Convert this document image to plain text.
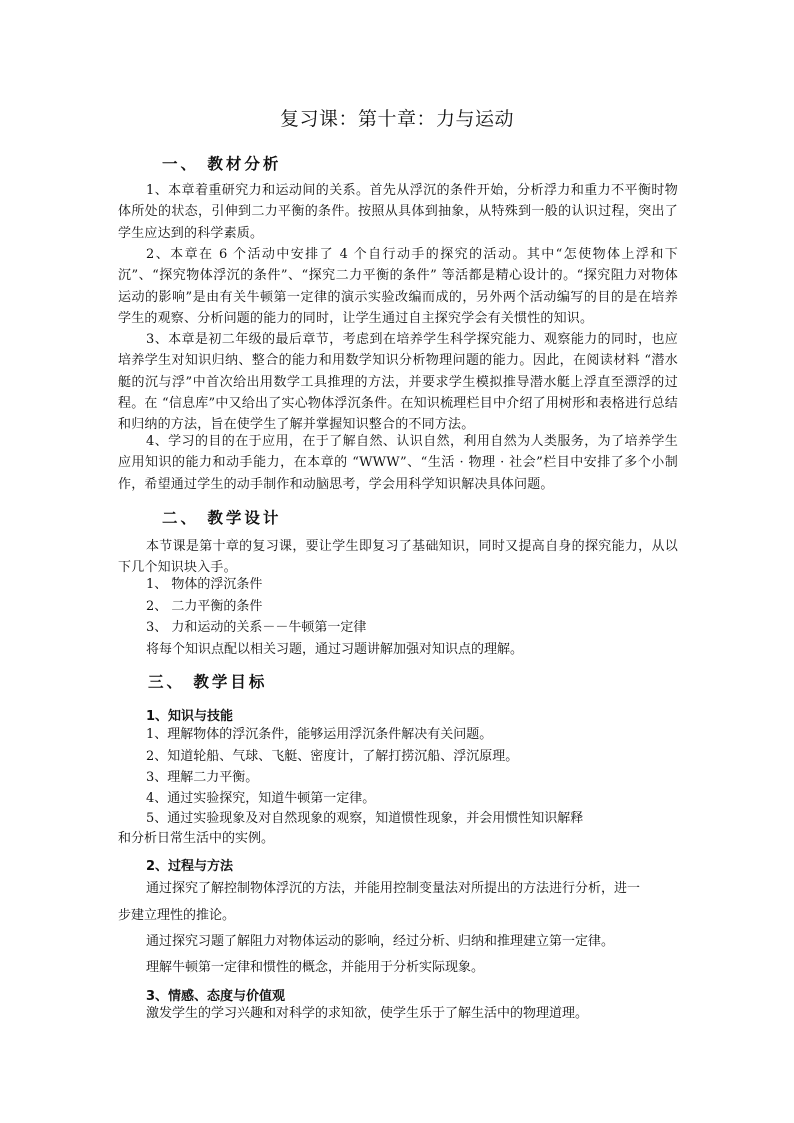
复习课：第十章：力与运动
一、 教材分析
1、本章着重研究力和运动间的关系。首先从浮沉的条件开始，分析浮力和重力不平衡时物体所处的状态，引伸到二力平衡的条件。按照从具体到抽象，从特殊到一般的认识过程，突出了学生应达到的科学素质。
2、本章在 6 个活动中安排了 4 个自行动手的探究的活动。其中“怎使物体上浮和下沉”、“探究物体浮沉的条件”、“探究二力平衡的条件” 等活都是精心设计的。“探究阻力对物体运动的影响”是由有关牛顿第一定律的演示实验改编而成的，另外两个活动编写的目的是在培养学生的观察、分析问题的能力的同时，让学生通过自主探究学会有关惯性的知识。
3、本章是初二年级的最后章节，考虑到在培养学生科学探究能力、观察能力的同时，也应培养学生对知识归纳、整合的能力和用数学知识分析物理问题的能力。因此，在阅读材料 “潜水艇的沉与浮”中首次给出用数学工具推理的方法，并要求学生模拟推导潜水艇上浮直至漂浮的过程。在 “信息库”中又给出了实心物体浮沉条件。在知识梳理栏目中介绍了用树形和表格进行总结和归纳的方法，旨在使学生了解并掌握知识整合的不同方法。
4、学习的目的在于应用，在于了解自然、认识自然，利用自然为人类服务，为了培养学生应用知识的能力和动手能力，在本章的 “WWW”、“生活 · 物理 · 社会”栏目中安排了多个小制作，希望通过学生的动手制作和动脑思考，学会用科学知识解决具体问题。
二、 教学设计
本节课是第十章的复习课，要让学生即复习了基础知识，同时又提高自身的探究能力，从以下几个知识块入手。
1、 物体的浮沉条件
2、 二力平衡的条件
3、 力和运动的关系－－牛顿第一定律
将每个知识点配以相关习题，通过习题讲解加强对知识点的理解。
三、 教学目标
1、知识与技能
1、理解物体的浮沉条件，能够运用浮沉条件解决有关问题。
2、知道轮船、气球、飞艇、密度计，了解打捞沉船、浮沉原理。
3、理解二力平衡。
4、通过实验探究，知道牛顿第一定律。
5、通过实验现象及对自然现象的观察，知道惯性现象，并会用惯性知识解释
和分析日常生活中的实例。
2、过程与方法
通过探究了解控制物体浮沉的方法，并能用控制变量法对所提出的方法进行分析，进一
步建立理性的推论。
通过探究习题了解阻力对物体运动的影响，经过分析、归纳和推理建立第一定律。
理解牛顿第一定律和惯性的概念，并能用于分析实际现象。
3、情感、态度与价值观
激发学生的学习兴趣和对科学的求知欲，使学生乐于了解生活中的物理道理。
